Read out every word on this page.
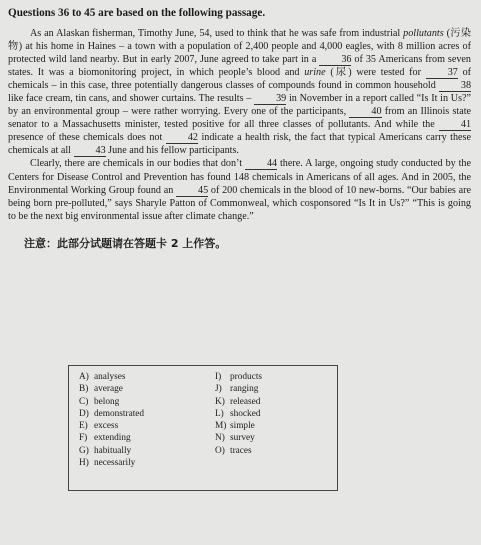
Questions 36 to 45 are based on the following passage.

As an Alaskan fisherman, Timothy June, 54, used to think that he was safe from industrial pollutants (污染物) at his home in Haines – a town with a population of 2,400 people and 4,000 eagles, with 8 million acres of protected wild land nearby. But in early 2007, June agreed to take part in a 36 of 35 Americans from seven states. It was a biomonitoring project, in which people’s blood and urine (尿) were tested for 37 of chemicals – in this case, three potentially dangerous classes of compounds found in common household 38 like face cream, tin cans, and shower curtains. The results – 39 in November in a report called “Is It in Us?” by an environmental group – were rather worrying. Every one of the participants, 40 from an Illinois state senator to a Massachusetts minister, tested positive for all three classes of pollutants. And while the 41 presence of these chemicals does not 42 indicate a health risk, the fact that typical Americans carry these chemicals at all 43 June and his fellow participants.

Clearly, there are chemicals in our bodies that don’t 44 there. A large, ongoing study conducted by the Centers for Disease Control and Prevention has found 148 chemicals in Americans of all ages. And in 2005, the Environmental Working Group found an 45 of 200 chemicals in the blood of 10 new-borns. “Our babies are being born pre-polluted,” says Sharyle Patton of Commonweal, which cosponsored “Is It in Us?” “This is going to be the next big environmental issue after climate change.”

注意：此部分试题请在答题卡 2 上作答。
A) analyses
B) average
C) belong
D) demonstrated
E) excess
F) extending
G) habitually
H) necessarily
I) products
J) ranging
K) released
L) shocked
M) simple
N) survey
O) traces
